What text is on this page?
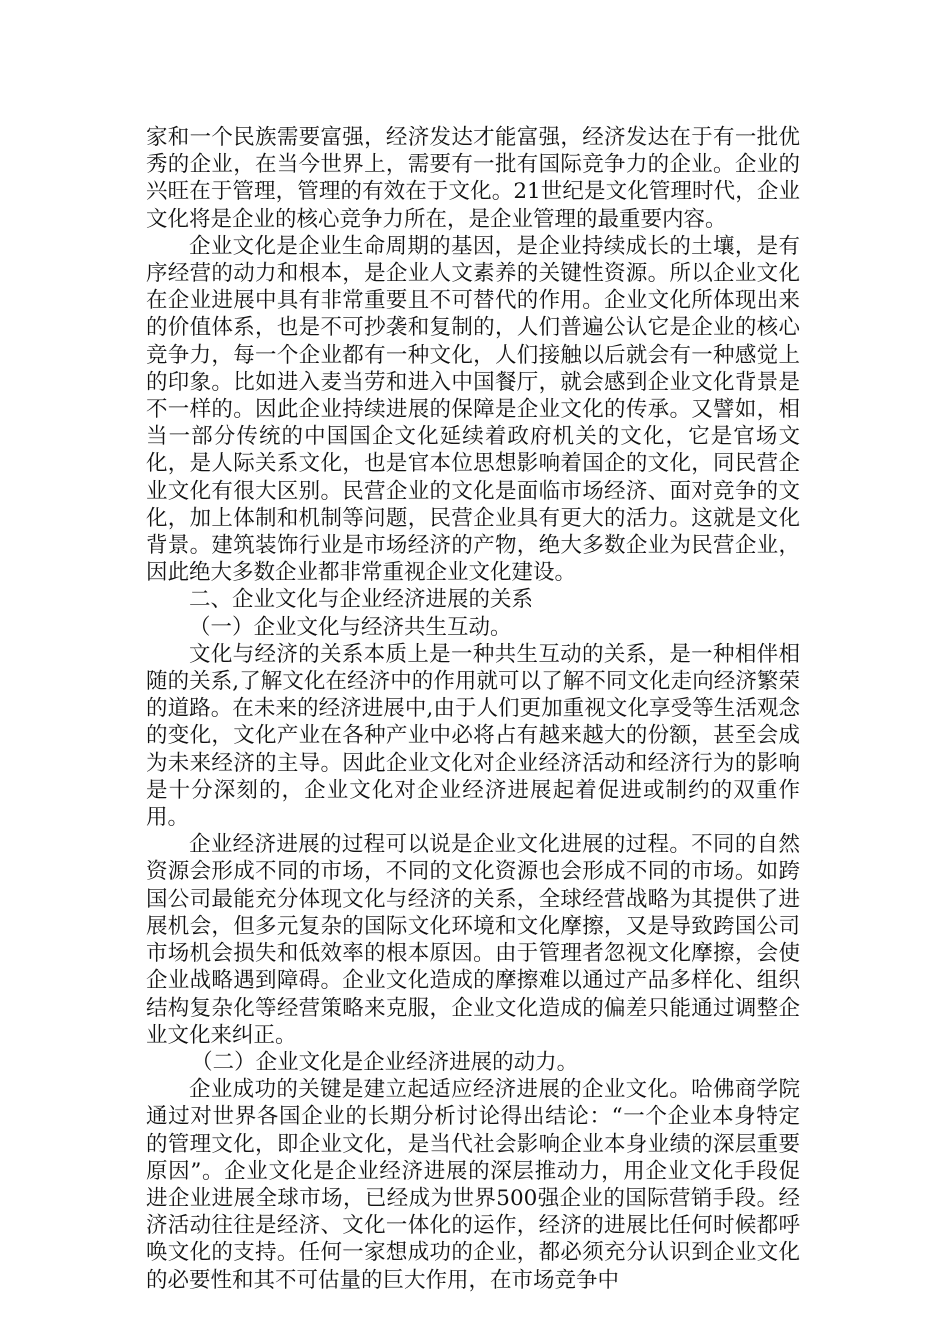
家和一个民族需要富强，经济发达才能富强，经济发达在于有一批优秀的企业，在当今世界上，需要有一批有国际竞争力的企业。企业的兴旺在于管理，管理的有效在于文化。21世纪是文化管理时代，企业文化将是企业的核心竞争力所在，是企业管理的最重要内容。

企业文化是企业生命周期的基因，是企业持续成长的土壤，是有序经营的动力和根本，是企业人文素养的关键性资源。所以企业文化在企业进展中具有非常重要且不可替代的作用。企业文化所体现出来的价值体系，也是不可抄袭和复制的，人们普遍公认它是企业的核心竞争力，每一个企业都有一种文化，人们接触以后就会有一种感觉上的印象。比如进入麦当劳和进入中国餐厅，就会感到企业文化背景是不一样的。因此企业持续进展的保障是企业文化的传承。又譬如，相当一部分传统的中国国企文化延续着政府机关的文化，它是官场文化，是人际关系文化，也是官本位思想影响着国企的文化，同民营企业文化有很大区别。民营企业的文化是面临市场经济、面对竞争的文化，加上体制和机制等问题，民营企业具有更大的活力。这就是文化背景。建筑装饰行业是市场经济的产物，绝大多数企业为民营企业，因此绝大多数企业都非常重视企业文化建设。

二、企业文化与企业经济进展的关系

（一）企业文化与经济共生互动。

文化与经济的关系本质上是一种共生互动的关系，是一种相伴相随的关系,了解文化在经济中的作用就可以了解不同文化走向经济繁荣的道路。在未来的经济进展中,由于人们更加重视文化享受等生活观念的变化，文化产业在各种产业中必将占有越来越大的份额，甚至会成为未来经济的主导。因此企业文化对企业经济活动和经济行为的影响是十分深刻的，企业文化对企业经济进展起着促进或制约的双重作用。

企业经济进展的过程可以说是企业文化进展的过程。不同的自然资源会形成不同的市场，不同的文化资源也会形成不同的市场。如跨国公司最能充分体现文化与经济的关系，全球经营战略为其提供了进展机会，但多元复杂的国际文化环境和文化摩擦，又是导致跨国公司市场机会损失和低效率的根本原因。由于管理者忽视文化摩擦，会使企业战略遇到障碍。企业文化造成的摩擦难以通过产品多样化、组织结构复杂化等经营策略来克服，企业文化造成的偏差只能通过调整企业文化来纠正。

（二）企业文化是企业经济进展的动力。

企业成功的关键是建立起适应经济进展的企业文化。哈佛商学院通过对世界各国企业的长期分析讨论得出结论：“一个企业本身特定的管理文化，即企业文化，是当代社会影响企业本身业绩的深层重要原因”。企业文化是企业经济进展的深层推动力，用企业文化手段促进企业进展全球市场，已经成为世界500强企业的国际营销手段。经济活动往往是经济、文化一体化的运作，经济的进展比任何时候都呼唤文化的支持。任何一家想成功的企业，都必须充分认识到企业文化的必要性和其不可估量的巨大作用，在市场竞争中
